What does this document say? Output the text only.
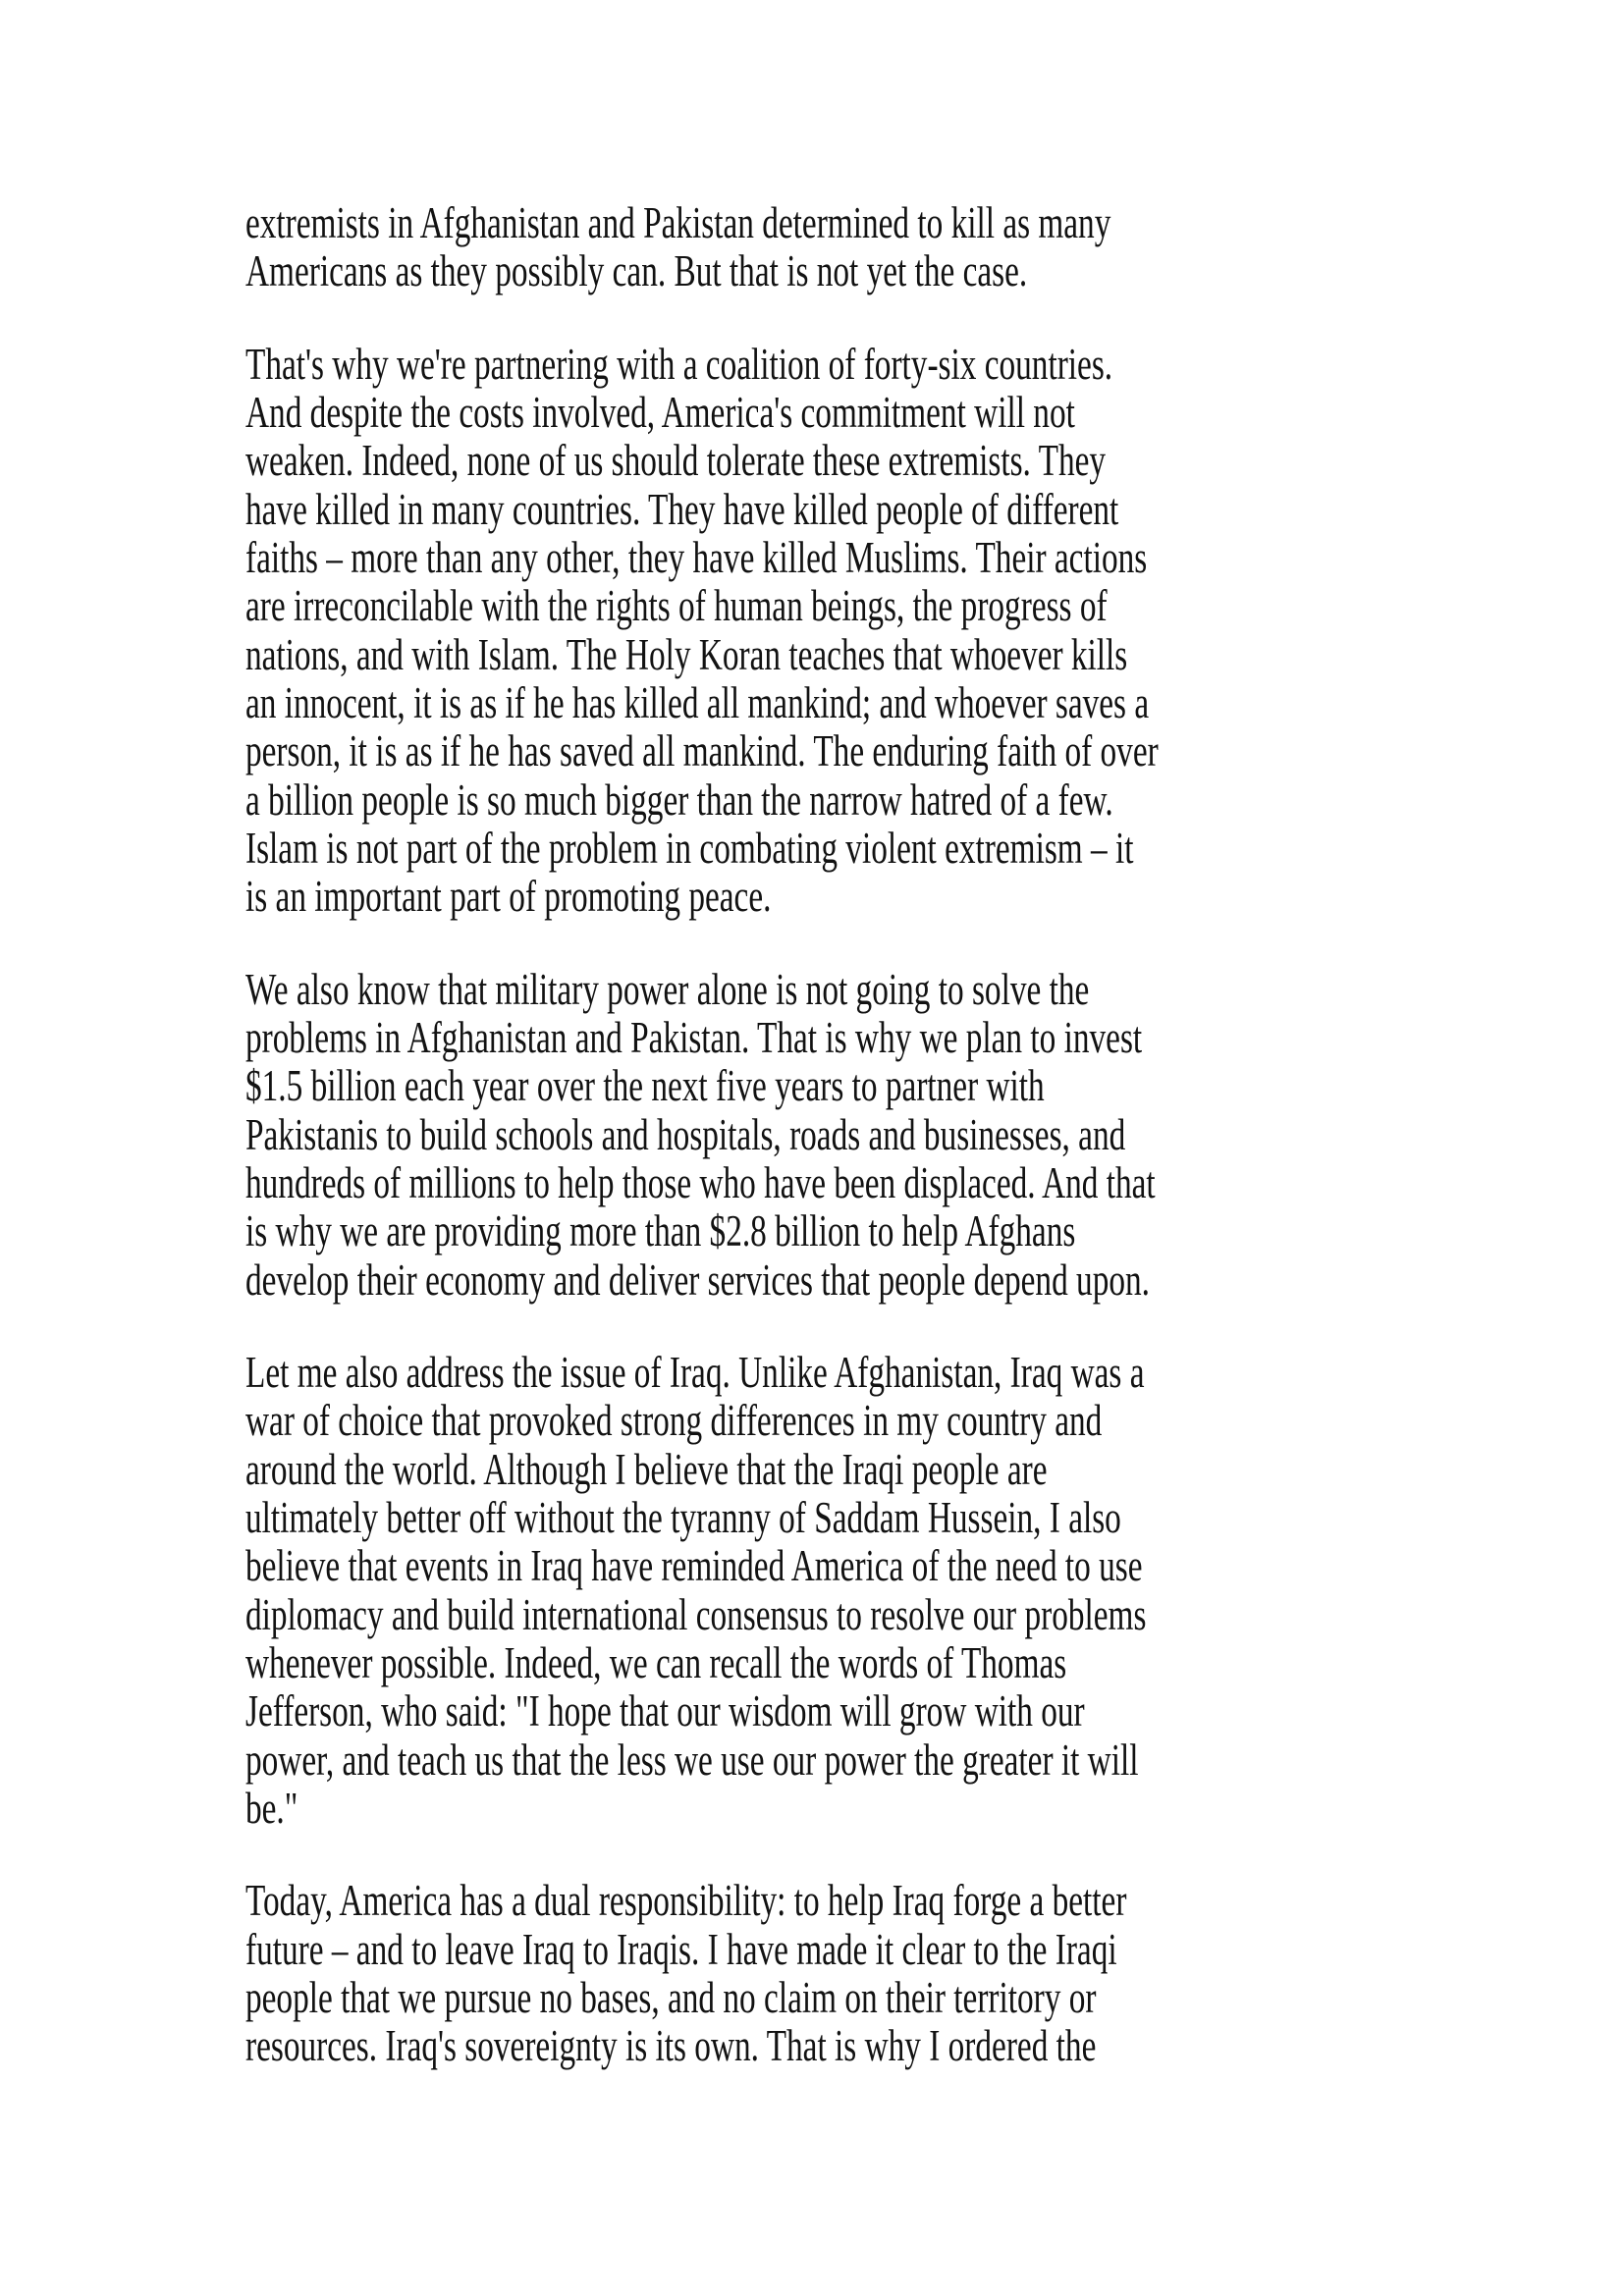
extremists in Afghanistan and Pakistan determined to kill as many
Americans as they possibly can. But that is not yet the case.

That's why we're partnering with a coalition of forty-six countries.
And despite the costs involved, America's commitment will not
weaken. Indeed, none of us should tolerate these extremists. They
have killed in many countries. They have killed people of different
faiths – more than any other, they have killed Muslims. Their actions
are irreconcilable with the rights of human beings, the progress of
nations, and with Islam. The Holy Koran teaches that whoever kills
an innocent, it is as if he has killed all mankind; and whoever saves a
person, it is as if he has saved all mankind. The enduring faith of over
a billion people is so much bigger than the narrow hatred of a few.
Islam is not part of the problem in combating violent extremism – it
is an important part of promoting peace.

We also know that military power alone is not going to solve the
problems in Afghanistan and Pakistan. That is why we plan to invest
$1.5 billion each year over the next five years to partner with
Pakistanis to build schools and hospitals, roads and businesses, and
hundreds of millions to help those who have been displaced. And that
is why we are providing more than $2.8 billion to help Afghans
develop their economy and deliver services that people depend upon.

Let me also address the issue of Iraq. Unlike Afghanistan, Iraq was a
war of choice that provoked strong differences in my country and
around the world. Although I believe that the Iraqi people are
ultimately better off without the tyranny of Saddam Hussein, I also
believe that events in Iraq have reminded America of the need to use
diplomacy and build international consensus to resolve our problems
whenever possible. Indeed, we can recall the words of Thomas
Jefferson, who said: "I hope that our wisdom will grow with our
power, and teach us that the less we use our power the greater it will
be."

Today, America has a dual responsibility: to help Iraq forge a better
future – and to leave Iraq to Iraqis. I have made it clear to the Iraqi
people that we pursue no bases, and no claim on their territory or
resources. Iraq's sovereignty is its own. That is why I ordered the
